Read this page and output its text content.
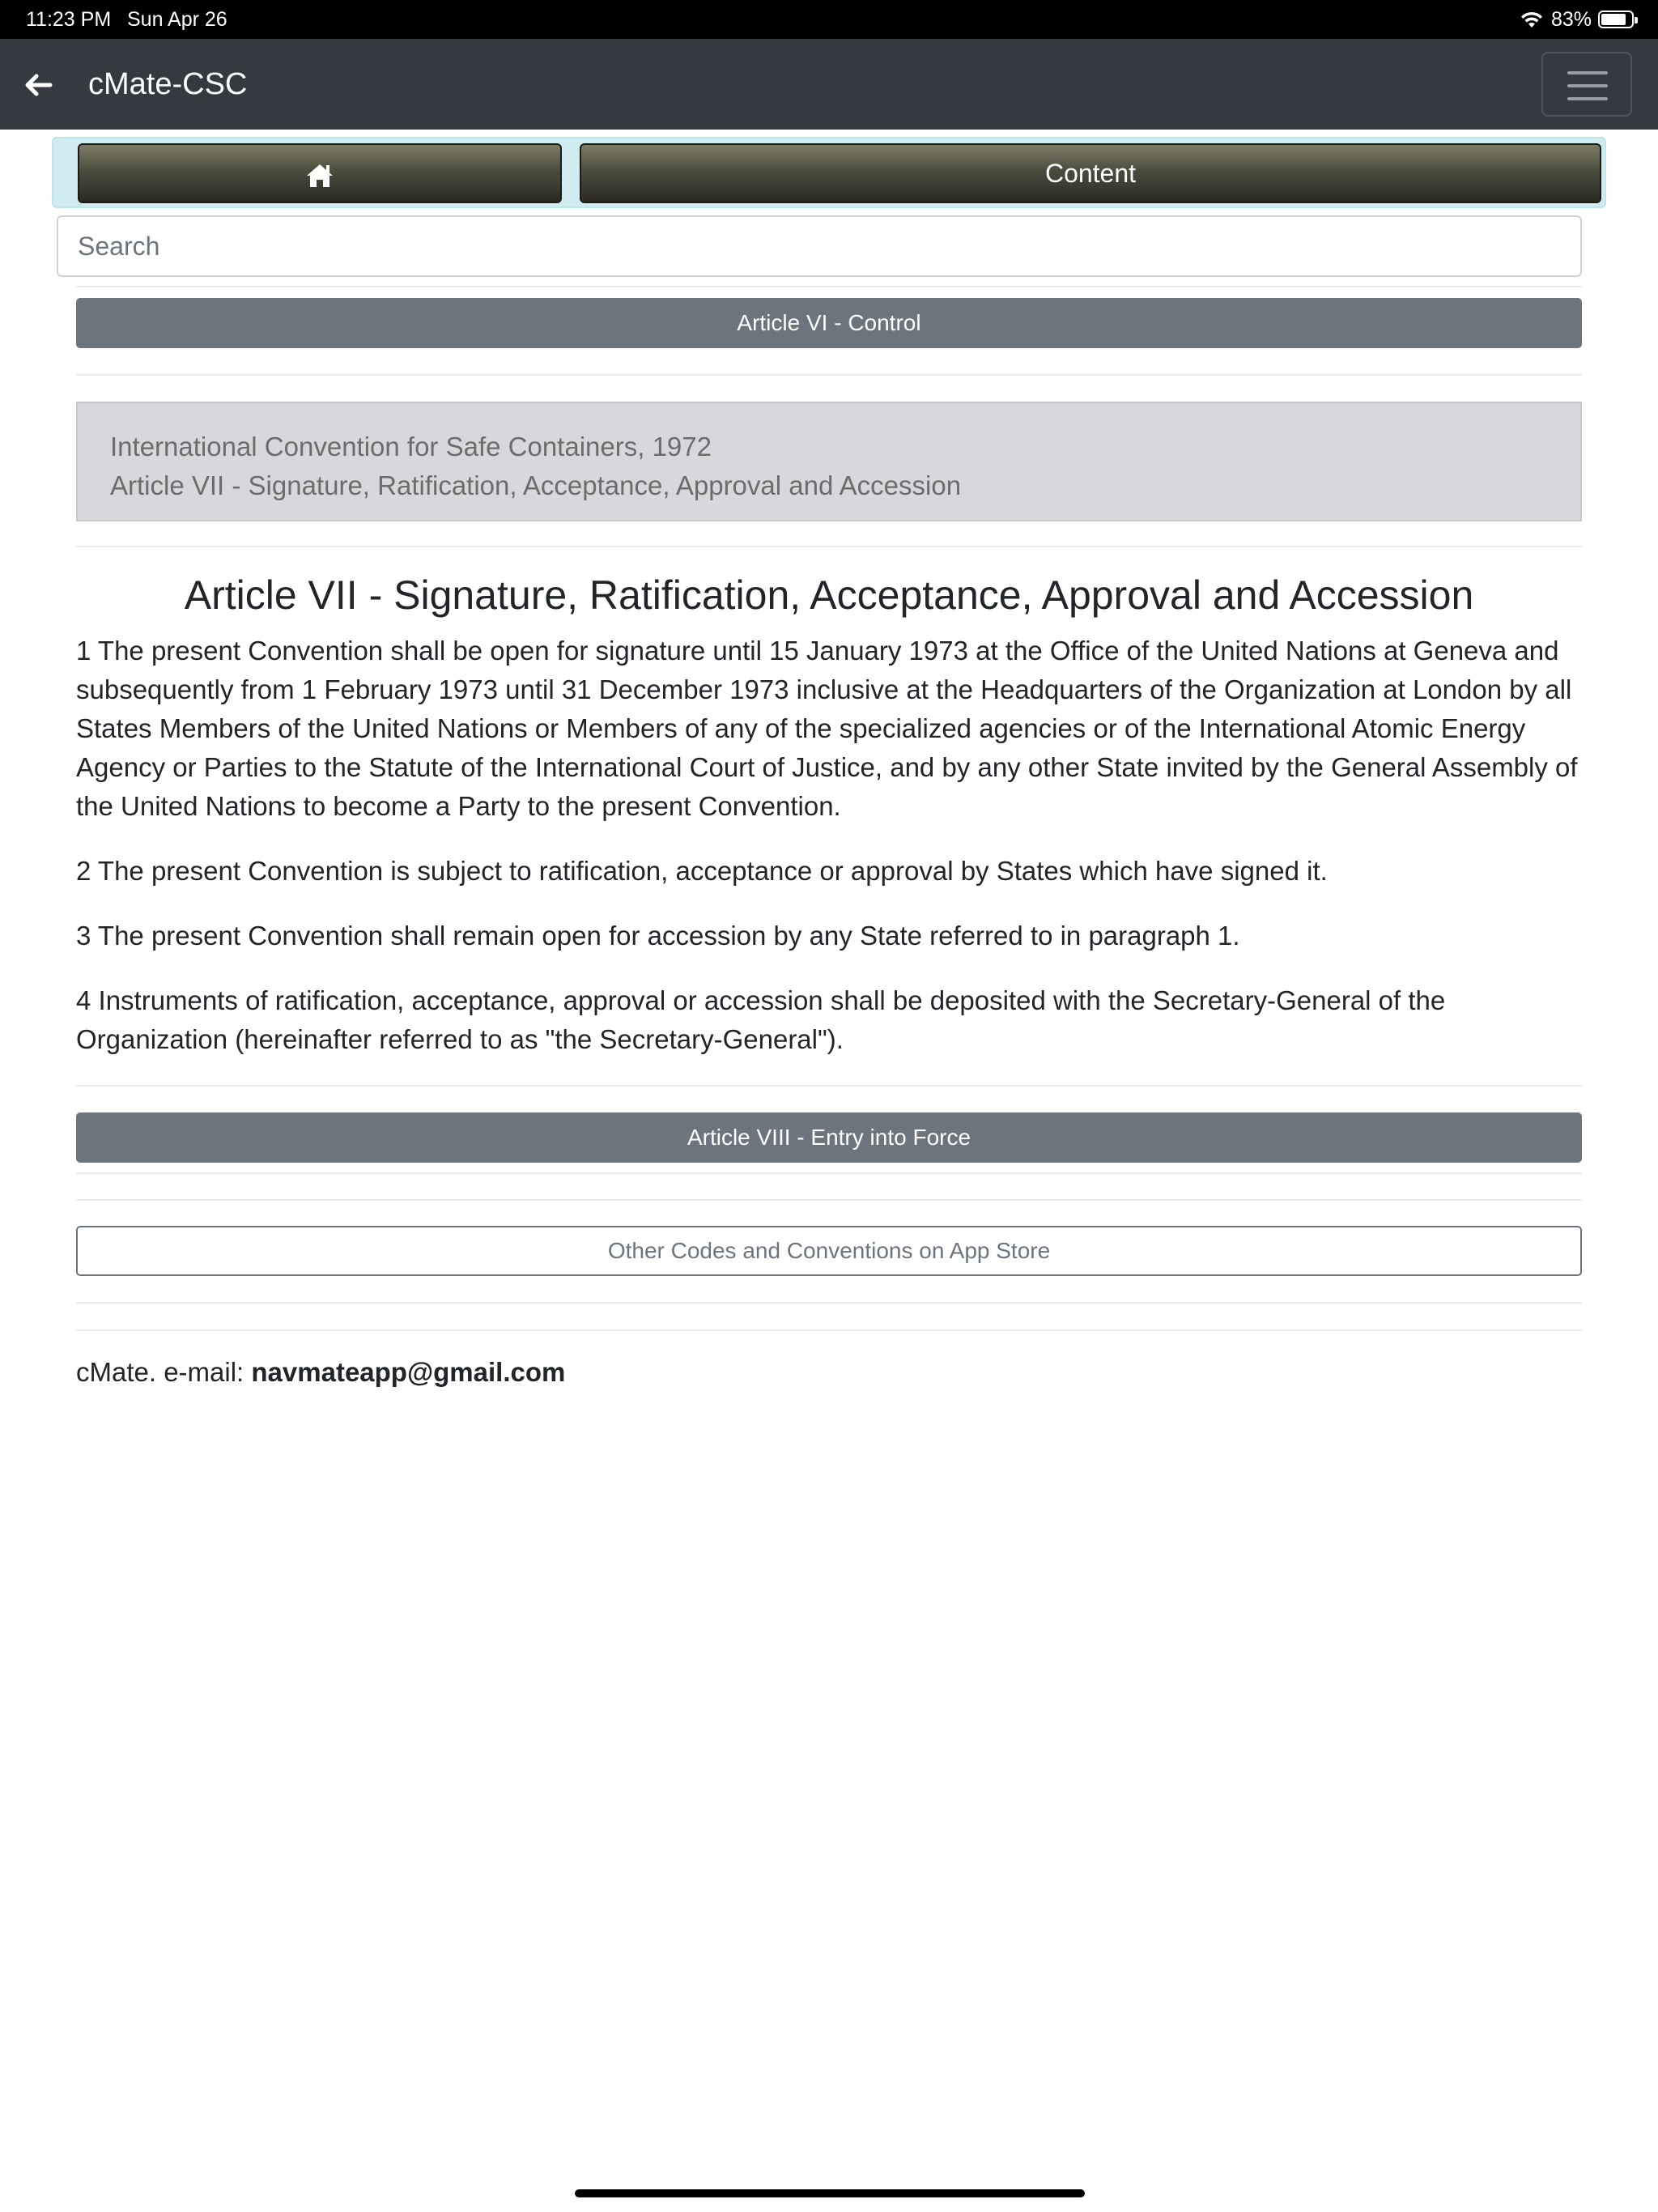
11:23 PM Sun Apr 26	83%
cMate-CSC
Content
Search
Article VI - Control
International Convention for Safe Containers, 1972
Article VII - Signature, Ratification, Acceptance, Approval and Accession
Article VII - Signature, Ratification, Acceptance, Approval and Accession

1 The present Convention shall be open for signature until 15 January 1973 at the Office of the United Nations at Geneva and subsequently from 1 February 1973 until 31 December 1973 inclusive at the Headquarters of the Organization at London by all States Members of the United Nations or Members of any of the specialized agencies or of the International Atomic Energy Agency or Parties to the Statute of the International Court of Justice, and by any other State invited by the General Assembly of the United Nations to become a Party to the present Convention.

2 The present Convention is subject to ratification, acceptance or approval by States which have signed it.

3 The present Convention shall remain open for accession by any State referred to in paragraph 1.

4 Instruments of ratification, acceptance, approval or accession shall be deposited with the Secretary-General of the Organization (hereinafter referred to as "the Secretary-General").

Article VIII - Entry into Force
Other Codes and Conventions on App Store
cMate. e-mail: navmateapp@gmail.com
